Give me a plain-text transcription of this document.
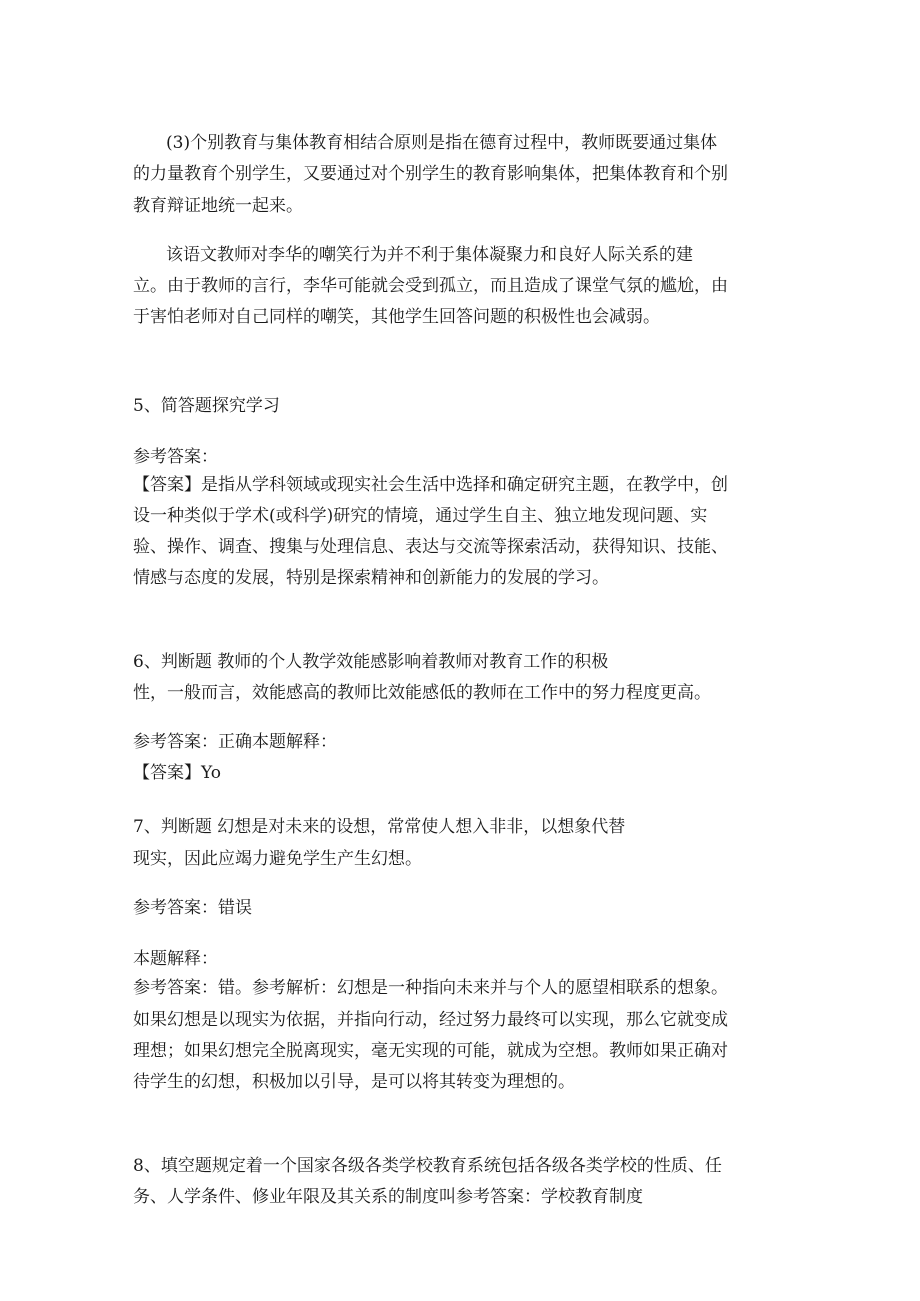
(3)个别教育与集体教育相结合原则是指在德育过程中，教师既要通过集体
的力量教育个别学生，又要通过对个别学生的教育影响集体，把集体教育和个别
教育辩证地统一起来。
该语文教师对李华的嘲笑行为并不利于集体凝聚力和良好人际关系的建
立。由于教师的言行，李华可能就会受到孤立，而且造成了课堂气氛的尴尬，由
于害怕老师对自己同样的嘲笑，其他学生回答问题的积极性也会减弱。
5、简答题探究学习
参考答案：
【答案】是指从学科领域或现实社会生活中选择和确定研究主题，在教学中，创
设一种类似于学术(或科学)研究的情境，通过学生自主、独立地发现问题、实
验、操作、调查、搜集与处理信息、表达与交流等探索活动，获得知识、技能、
情感与态度的发展，特别是探索精神和创新能力的发展的学习。
6、判断题 教师的个人教学效能感影响着教师对教育工作的积极
性，一般而言，效能感高的教师比效能感低的教师在工作中的努力程度更高。
参考答案：正确本题解释：
【答案】Yo
7、判断题 幻想是对未来的设想，常常使人想入非非，以想象代替
现实，因此应竭力避免学生产生幻想。
参考答案：错误
本题解释：
参考答案：错。参考解析：幻想是一种指向未来并与个人的愿望相联系的想象。
如果幻想是以现实为依据，并指向行动，经过努力最终可以实现，那么它就变成
理想；如果幻想完全脱离现实，毫无实现的可能，就成为空想。教师如果正确对
待学生的幻想，积极加以引导，是可以将其转变为理想的。
8、填空题规定着一个国家各级各类学校教育系统包括各级各类学校的性质、任
务、人学条件、修业年限及其关系的制度叫参考答案：学校教育制度
